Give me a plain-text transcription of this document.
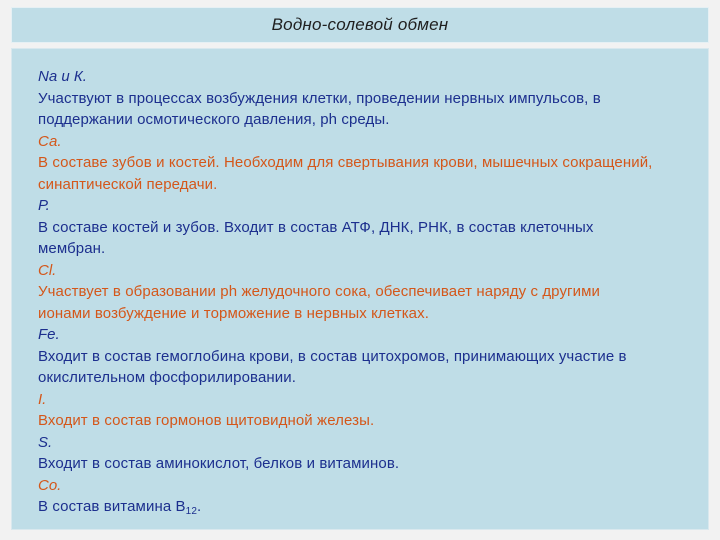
Водно-солевой обмен

Na и К.

Участвуют в процессах возбуждения клетки, проведении нервных импульсов, в поддержании осмотического давления, ph среды.

Са.

В составе зубов и костей. Необходим для свертывания крови, мышечных сокращений, синаптической передачи.

Р.

В составе костей и зубов. Входит в состав АТФ, ДНК, РНК, в состав клеточных мембран.

Cl.

Участвует в образовании ph желудочного сока, обеспечивает наряду с другими ионами возбуждение и торможение в нервных клетках.

Fe.

Входит в состав гемоглобина крови, в состав цитохромов, принимающих участие в окислительном фосфорилировании.

I.

Входит в состав гормонов щитовидной железы.

S.

Входит в состав аминокислот, белков и витаминов.

Со.

В состав витамина $В_{12}$.
